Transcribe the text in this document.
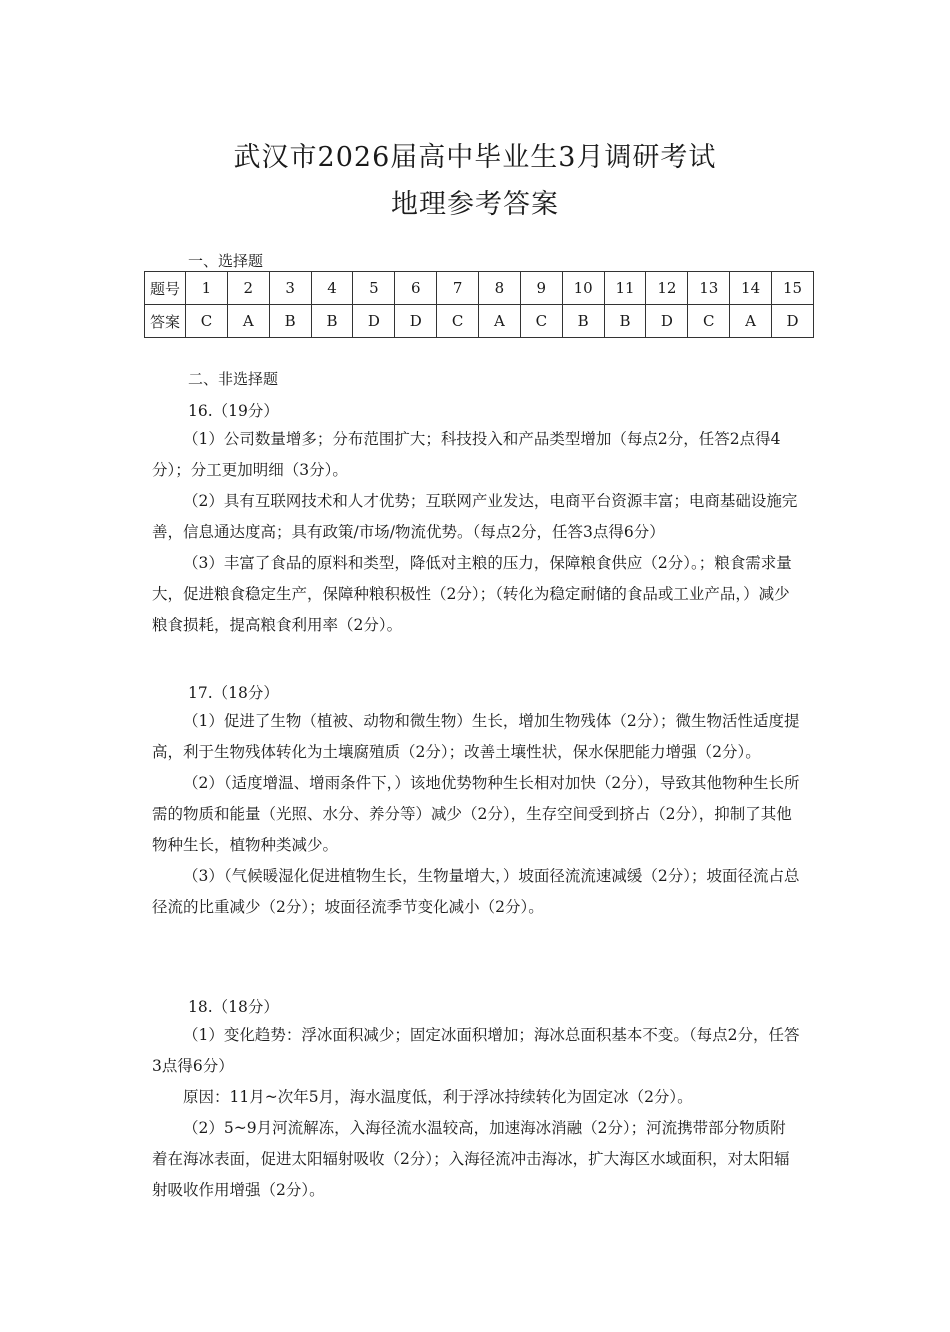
武汉市2026届高中毕业生3月调研考试
地理参考答案
一、选择题
题号	1	2	3	4	5	6	7	8	9	10	11	12	13	14	15
答案	C	A	B	B	D	D	C	A	C	B	B	D	C	A	D
二、非选择题
16.（19分）

（1）公司数量增多；分布范围扩大；科技投入和产品类型增加（每点2分，任答2点得4分）；分工更加明细（3分）。

（2）具有互联网技术和人才优势；互联网产业发达，电商平台资源丰富；电商基础设施完善，信息通达度高；具有政策/市场/物流优势。（每点2分，任答3点得6分）

（3）丰富了食品的原料和类型，降低对主粮的压力，保障粮食供应（2分）。；粮食需求量大，促进粮食稳定生产，保障种粮积极性（2分）；（转化为稳定耐储的食品或工业产品，）减少粮食损耗，提高粮食利用率（2分）。

17.（18分）

（1）促进了生物（植被、动物和微生物）生长，增加生物残体（2分）；微生物活性适度提高，利于生物残体转化为土壤腐殖质（2分）；改善土壤性状，保水保肥能力增强（2分）。

（2）（适度增温、增雨条件下，）该地优势物种生长相对加快（2分），导致其他物种生长所需的物质和能量（光照、水分、养分等）减少（2分），生存空间受到挤占（2分），抑制了其他物种生长，植物种类减少。

（3）（气候暖湿化促进植物生长，生物量增大，）坡面径流流速减缓（2分）；坡面径流占总径流的比重减少（2分）；坡面径流季节变化减小（2分）。

18.（18分）

（1）变化趋势：浮冰面积减少；固定冰面积增加；海冰总面积基本不变。（每点2分，任答3点得6分）

原因：11月~次年5月，海水温度低，利于浮冰持续转化为固定冰（2分）。

（2）5~9月河流解冻，入海径流水温较高，加速海冰消融（2分）；河流携带部分物质附着在海冰表面，促进太阳辐射吸收（2分）；入海径流冲击海冰，扩大海区水域面积，对太阳辐射吸收作用增强（2分）。
